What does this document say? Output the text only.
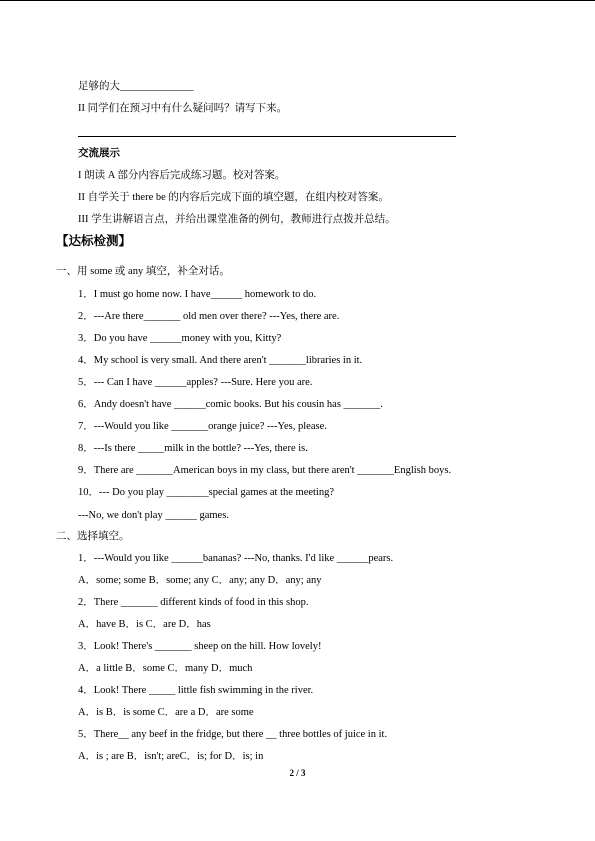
足够的大______________
II 同学们在预习中有什么疑问吗？请写下来。
交流展示
I 朗读 A 部分内容后完成练习题。校对答案。
II 自学关于 there be 的内容后完成下面的填空题，在组内校对答案。
III 学生讲解语言点，并给出课堂准备的例句，教师进行点拨并总结。
【达标检测】
一、用 some 或 any 填空，补全对话。
1．I must go home now. I have______ homework to do.
2．---Are there_______ old men over there? ---Yes, there are.
3．Do you have ______money with you, Kitty?
4．My school is very small. And there aren't _______libraries in it.
5．--- Can I have ______apples? ---Sure. Here you are.
6．Andy doesn't have ______comic books. But his cousin has _______.
7．---Would you like _______orange juice? ---Yes, please.
8．---Is there _____milk in the bottle? ---Yes, there is.
9．There are _______American boys in my class, but there aren't _______English boys.
10．--- Do you play ________special games at the meeting?
---No, we don't play ______ games.
二、选择填空。
1．---Would you like ______bananas? ---No, thanks. I'd like ______pears.
A．some; some B．some; any C．any; any D．any; any
2．There _______ different kinds of food in this shop.
A．have B．is C．are D．has
3．Look! There's _______ sheep on the hill. How lovely!
A．a little B．some C．many D．much
4．Look! There _____ little fish swimming in the river.
A．is B．is some C．are a D．are some
5．There__ any beef in the fridge, but there __ three bottles of juice in it.
A．is ; are B．isn't; areC．is; for D．is; in
2 / 3
